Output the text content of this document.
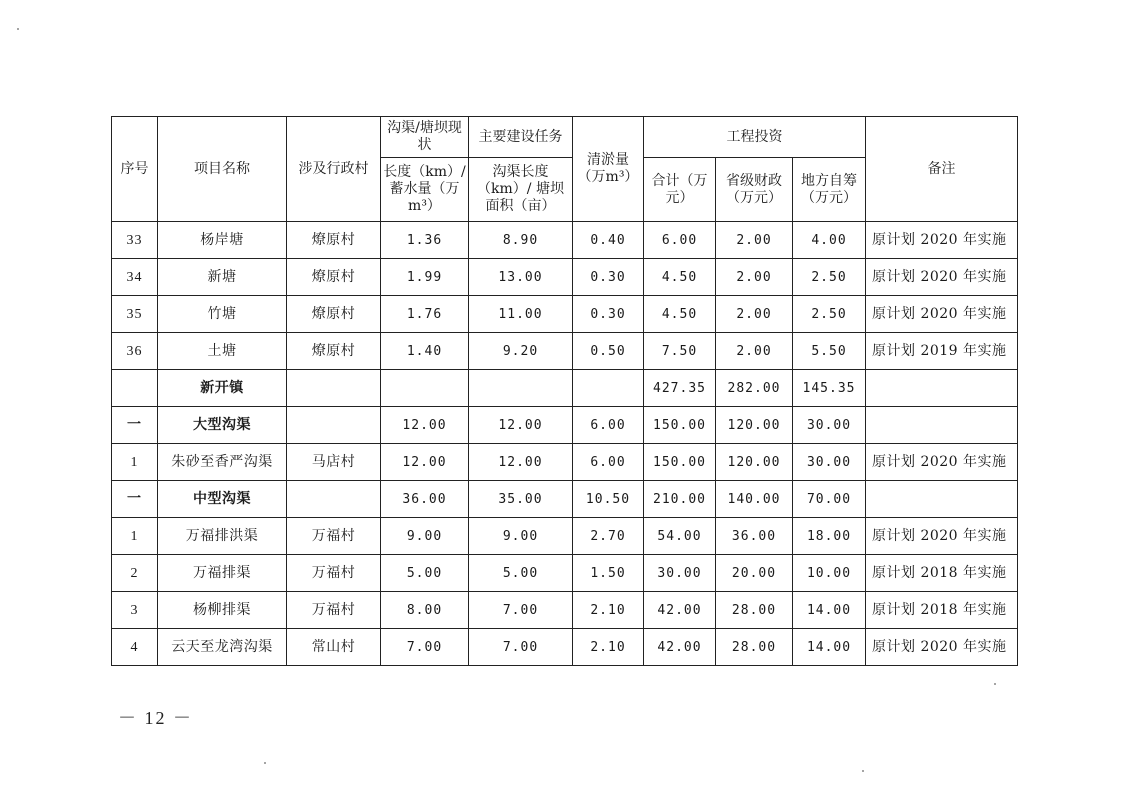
序号	项目名称	涉及行政村	沟渠/塘坝现状	主要建设任务	清淤量（万m³）	工程投资			备注
			长度（km）/蓄水量（万m³）	沟渠长度（km）/ 塘坝面积（亩）		合计（万元）	省级财政（万元）	地方自筹（万元）	
33	杨岸塘	燎原村	1.36	8.90	0.40	6.00	2.00	4.00	原计划 2020 年实施
34	新塘	燎原村	1.99	13.00	0.30	4.50	2.00	2.50	原计划 2020 年实施
35	竹塘	燎原村	1.76	11.00	0.30	4.50	2.00	2.50	原计划 2020 年实施
36	土塘	燎原村	1.40	9.20	0.50	7.50	2.00	5.50	原计划 2019 年实施
	新开镇					427.35	282.00	145.35	
一	大型沟渠		12.00	12.00	6.00	150.00	120.00	30.00	
1	朱砂至香严沟渠	马店村	12.00	12.00	6.00	150.00	120.00	30.00	原计划 2020 年实施
一	中型沟渠		36.00	35.00	10.50	210.00	140.00	70.00	
1	万福排洪渠	万福村	9.00	9.00	2.70	54.00	36.00	18.00	原计划 2020 年实施
2	万福排渠	万福村	5.00	5.00	1.50	30.00	20.00	10.00	原计划 2018 年实施
3	杨柳排渠	万福村	8.00	7.00	2.10	42.00	28.00	14.00	原计划 2018 年实施
4	云天至龙湾沟渠	常山村	7.00	7.00	2.10	42.00	28.00	14.00	原计划 2020 年实施
－ 12 －
